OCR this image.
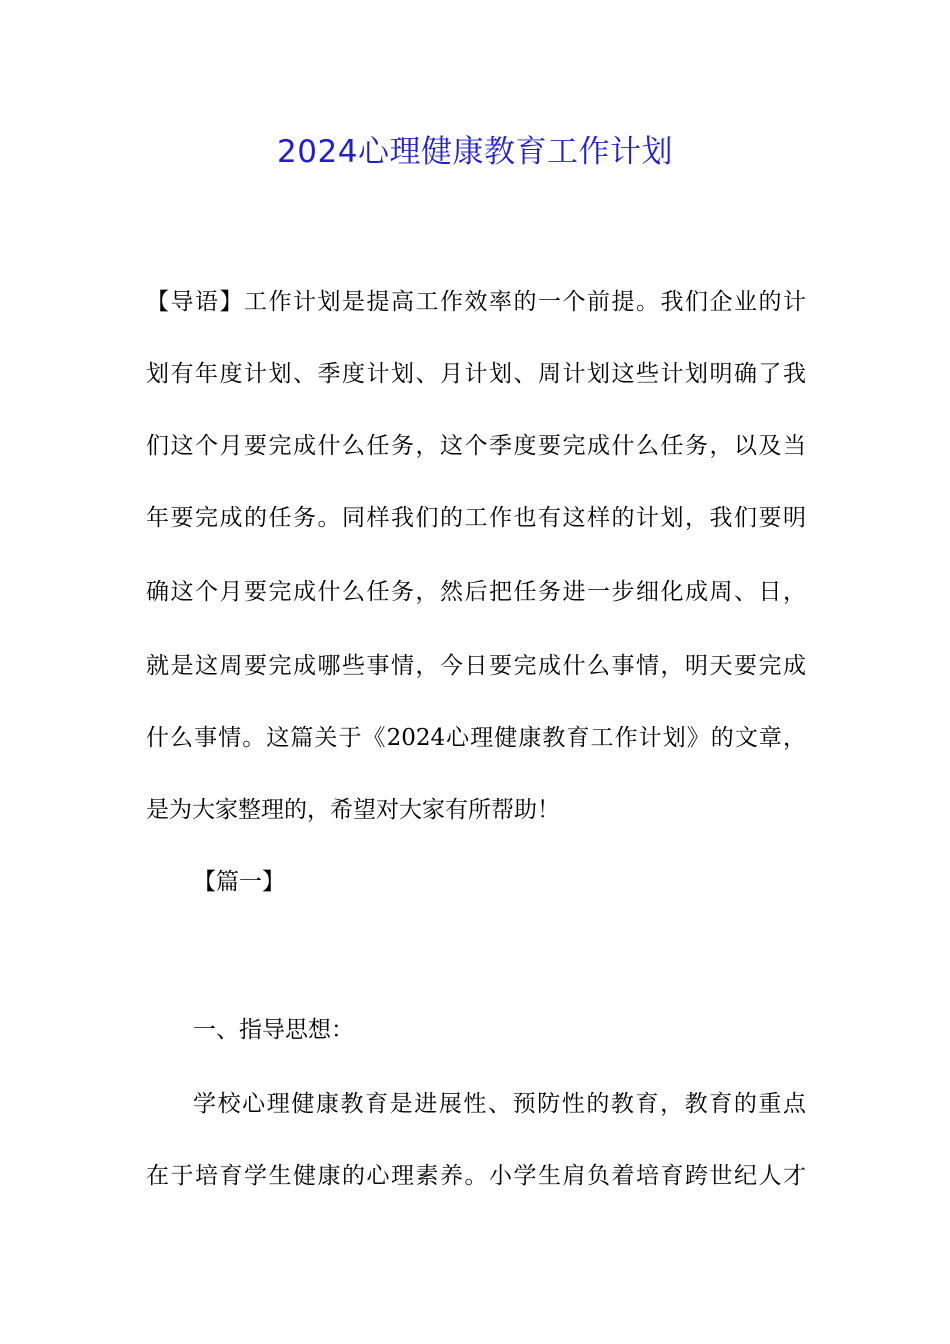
2024心理健康教育工作计划
【导语】工作计划是提高工作效率的一个前提。我们企业的计
划有年度计划、季度计划、月计划、周计划这些计划明确了我
们这个月要完成什么任务，这个季度要完成什么任务，以及当
年要完成的任务。同样我们的工作也有这样的计划，我们要明
确这个月要完成什么任务，然后把任务进一步细化成周、日，
就是这周要完成哪些事情，今日要完成什么事情，明天要完成
什么事情。这篇关于《2024心理健康教育工作计划》的文章，
是为大家整理的，希望对大家有所帮助！
【篇一】
一、指导思想：
学校心理健康教育是进展性、预防性的教育，教育的重点
在于培育学生健康的心理素养。小学生肩负着培育跨世纪人才
